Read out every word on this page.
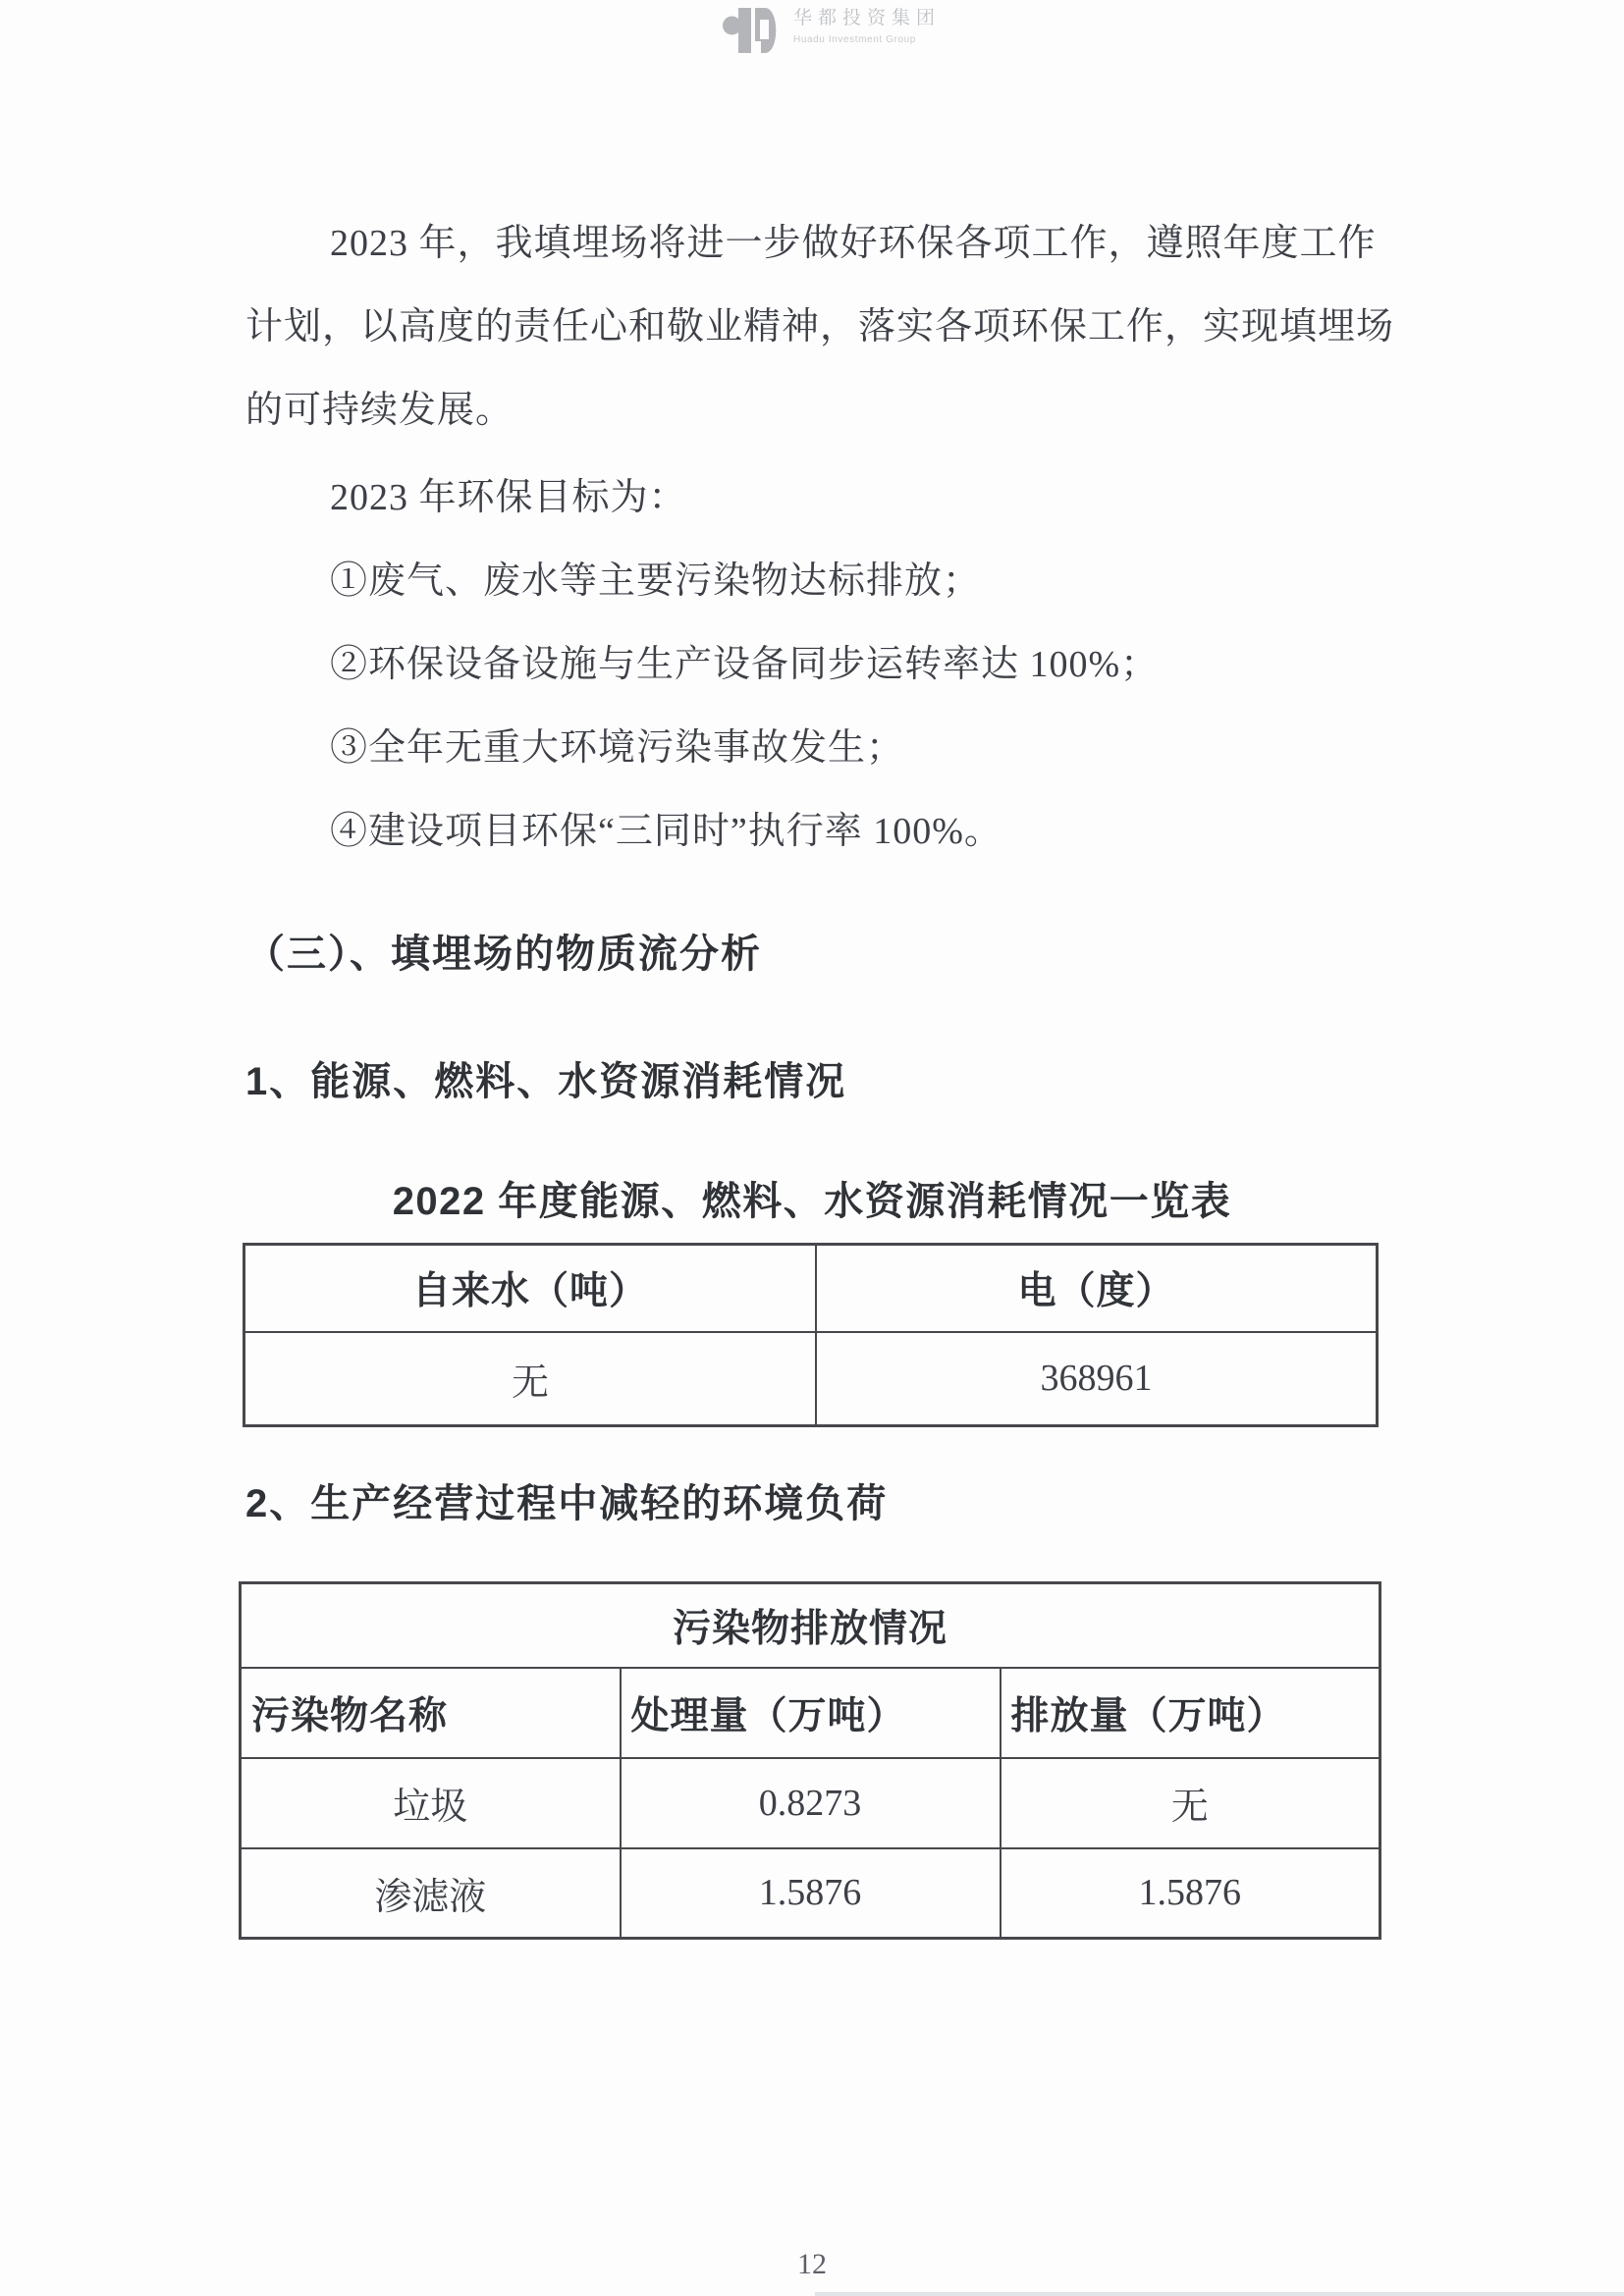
华都投资集团
Huadu Investment Group
2023 年，我填埋场将进一步做好环保各项工作，遵照年度工作
计划，以高度的责任心和敬业精神，落实各项环保工作，实现填埋场
的可持续发展。
2023 年环保目标为：
①废气、废水等主要污染物达标排放；
②环保设备设施与生产设备同步运转率达 100%；
③全年无重大环境污染事故发生；
④建设项目环保“三同时”执行率 100%。
（三）、填埋场的物质流分析
1、能源、燃料、水资源消耗情况
2022 年度能源、燃料、水资源消耗情况一览表
自来水（吨）	电（度）
无	368961
2、生产经营过程中减轻的环境负荷
污染物排放情况		
污染物名称	处理量（万吨）	排放量（万吨）
垃圾	0.8273	无
渗滤液	1.5876	1.5876
12
